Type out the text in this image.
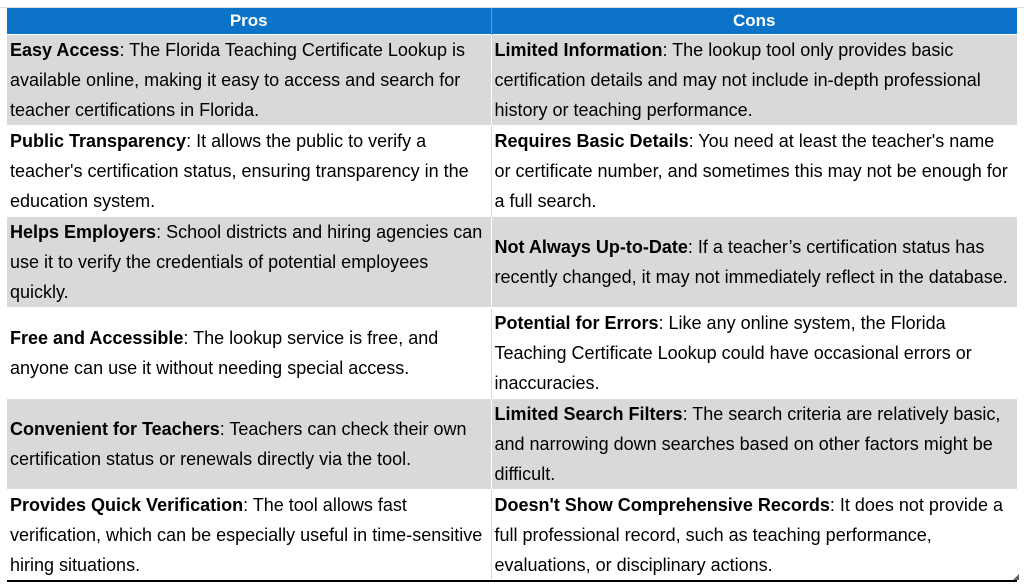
Pros	Cons
Easy Access: The Florida Teaching Certificate Lookup is available online, making it easy to access and search for teacher certifications in Florida.	Limited Information: The lookup tool only provides basic certification details and may not include in-depth professional history or teaching performance.
Public Transparency: It allows the public to verify a teacher's certification status, ensuring transparency in the education system.	Requires Basic Details: You need at least the teacher's name or certificate number, and sometimes this may not be enough for a full search.
Helps Employers: School districts and hiring agencies can use it to verify the credentials of potential employees quickly.	Not Always Up-to-Date: If a teacher’s certification status has recently changed, it may not immediately reflect in the database.
Free and Accessible: The lookup service is free, and anyone can use it without needing special access.	Potential for Errors: Like any online system, the Florida Teaching Certificate Lookup could have occasional errors or inaccuracies.
Convenient for Teachers: Teachers can check their own certification status or renewals directly via the tool.	Limited Search Filters: The search criteria are relatively basic, and narrowing down searches based on other factors might be difficult.
Provides Quick Verification: The tool allows fast verification, which can be especially useful in time-sensitive hiring situations.	Doesn't Show Comprehensive Records: It does not provide a full professional record, such as teaching performance, evaluations, or disciplinary actions.
